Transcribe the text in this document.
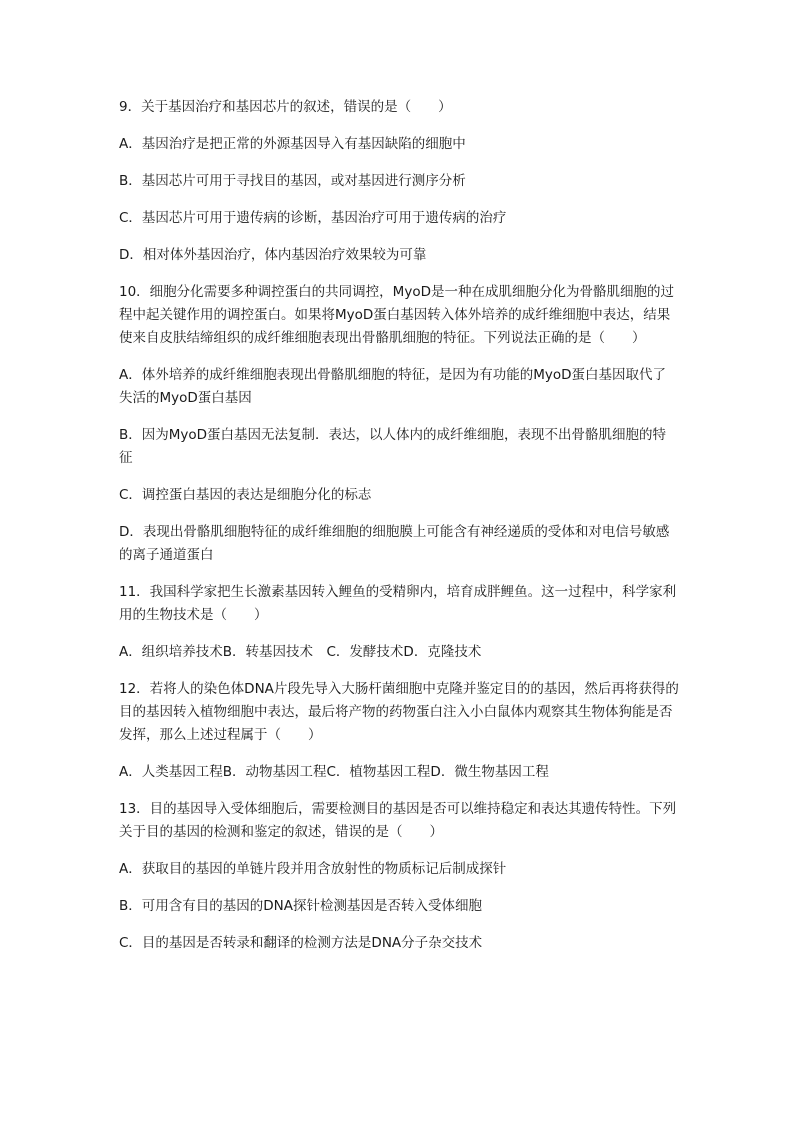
9．关于基因治疗和基因芯片的叙述，错误的是（　　）

A．基因治疗是把正常的外源基因导入有基因缺陷的细胞中

B．基因芯片可用于寻找目的基因，或对基因进行测序分析

C．基因芯片可用于遗传病的诊断，基因治疗可用于遗传病的治疗

D．相对体外基因治疗，体内基因治疗效果较为可靠

10．细胞分化需要多种调控蛋白的共同调控，MyoD是一种在成肌细胞分化为骨骼肌细胞的过程中起关键作用的调控蛋白。如果将MyoD蛋白基因转入体外培养的成纤维细胞中表达，结果使来自皮肤结缔组织的成纤维细胞表现出骨骼肌细胞的特征。下列说法正确的是（　　）

A．体外培养的成纤维细胞表现出骨骼肌细胞的特征，是因为有功能的MyoD蛋白基因取代了失活的MyoD蛋白基因

B．因为MyoD蛋白基因无法复制．表达，以人体内的成纤维细胞，表现不出骨骼肌细胞的特征

C．调控蛋白基因的表达是细胞分化的标志

D．表现出骨骼肌细胞特征的成纤维细胞的细胞膜上可能含有神经递质的受体和对电信号敏感的离子通道蛋白

11．我国科学家把生长激素基因转入鲤鱼的受精卵内，培育成胖鲤鱼。这一过程中，科学家利用的生物技术是（　　）

A．组织培养技术B．转基因技术　C．发酵技术D．克隆技术

12．若将人的染色体DNA片段先导入大肠杆菌细胞中克隆并鉴定目的的基因，然后再将获得的目的基因转入植物细胞中表达，最后将产物的药物蛋白注入小白鼠体内观察其生物体狗能是否发挥，那么上述过程属于（　　）

A．人类基因工程B．动物基因工程C．植物基因工程D．微生物基因工程

13．目的基因导入受体细胞后，需要检测目的基因是否可以维持稳定和表达其遗传特性。下列关于目的基因的检测和鉴定的叙述，错误的是（　　）

A．获取目的基因的单链片段并用含放射性的物质标记后制成探针

B．可用含有目的基因的DNA探针检测基因是否转入受体细胞

C．目的基因是否转录和翻译的检测方法是DNA分子杂交技术
